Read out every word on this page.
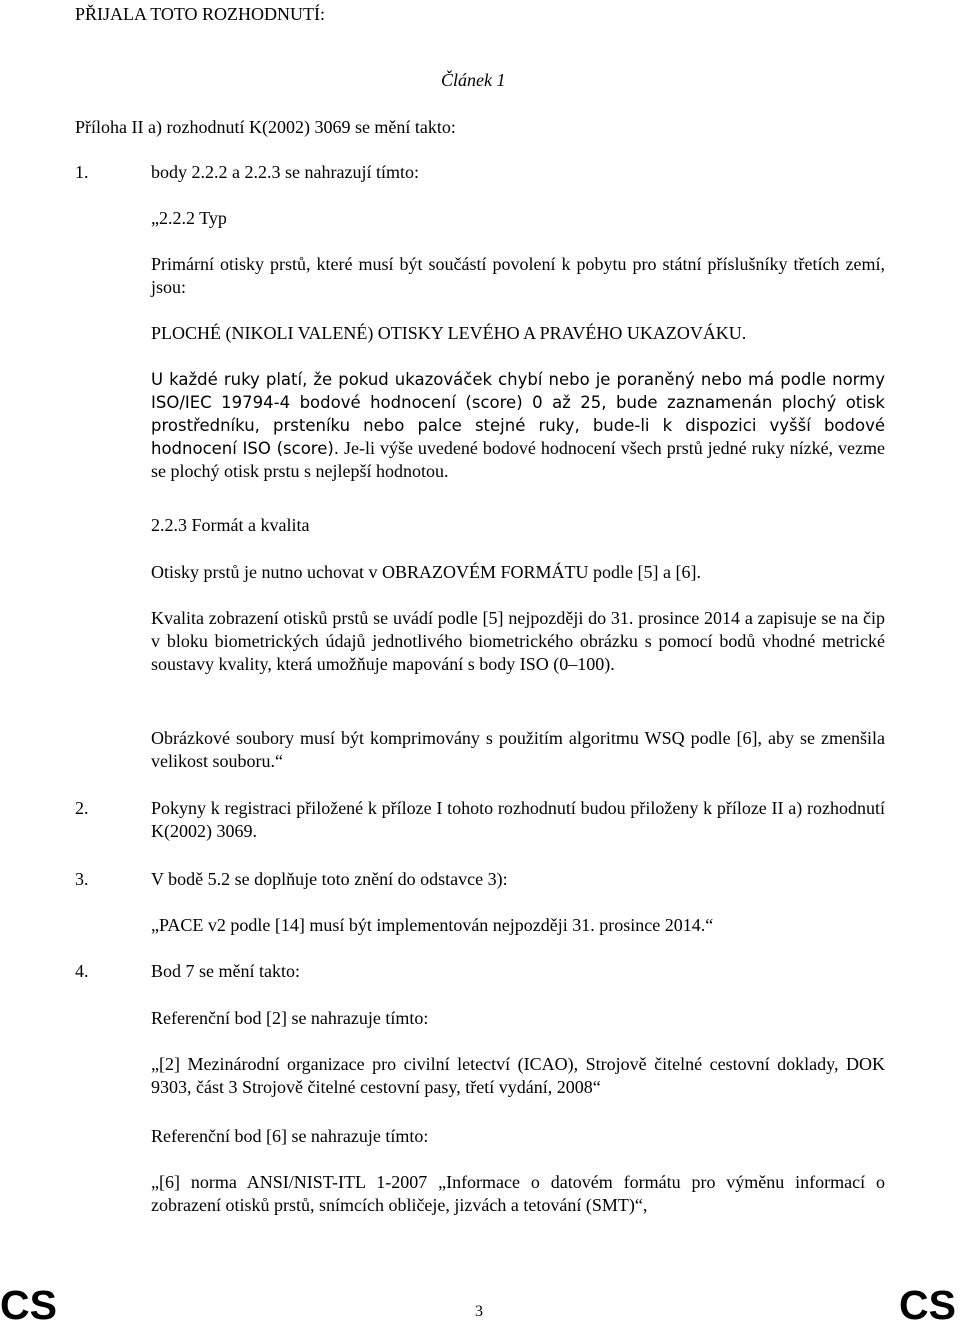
PŘIJALA TOTO ROZHODNUTÍ:
Článek 1
Příloha II a) rozhodnutí K(2002) 3069 se mění takto:
1.	body 2.2.2 a 2.2.3 se nahrazují tímto:
„2.2.2 Typ
Primární otisky prstů, které musí být součástí povolení k pobytu pro státní příslušníky třetích zemí, jsou:
PLOCHÉ (NIKOLI VALENÉ) OTISKY LEVÉHO A PRAVÉHO UKAZOVÁKU.
U každé ruky platí, že pokud ukazováček chybí nebo je poraněný nebo má podle normy ISO/IEC 19794-4 bodové hodnocení (score) 0 až 25, bude zaznamenán plochý otisk prostředníku, prsteníku nebo palce stejné ruky, bude-li k dispozici vyšší bodové hodnocení ISO (score). Je-li výše uvedené bodové hodnocení všech prstů jedné ruky nízké, vezme se plochý otisk prstu s nejlepší hodnotou.
2.2.3 Formát a kvalita
Otisky prstů je nutno uchovat v OBRAZOVÉM FORMÁTU podle [5] a [6].
Kvalita zobrazení otisků prstů se uvádí podle [5] nejpozději do 31. prosince 2014 a zapisuje se na čip v bloku biometrických údajů jednotlivého biometrického obrázku s pomocí bodů vhodné metrické soustavy kvality, která umožňuje mapování s body ISO (0–100).
Obrázkové soubory musí být komprimovány s použitím algoritmu WSQ podle [6], aby se zmenšila velikost souboru.“
2.	Pokyny k registraci přiložené k příloze I tohoto rozhodnutí budou přiloženy k příloze II a) rozhodnutí K(2002) 3069.
3.	V bodě 5.2 se doplňuje toto znění do odstavce 3):
„PACE v2 podle [14] musí být implementován nejpozději 31. prosince 2014.“
4.	Bod 7 se mění takto:
Referenční bod [2] se nahrazuje tímto:
„[2] Mezinárodní organizace pro civilní letectví (ICAO), Strojově čitelné cestovní doklady, DOK 9303, část 3 Strojově čitelné cestovní pasy, třetí vydání, 2008“
Referenční bod [6] se nahrazuje tímto:
„[6] norma ANSI/NIST-ITL 1-2007 „Informace o datovém formátu pro výměnu informací o zobrazení otisků prstů, snímcích obličeje, jizvách a tetování (SMT)“,
CS	3	CS
